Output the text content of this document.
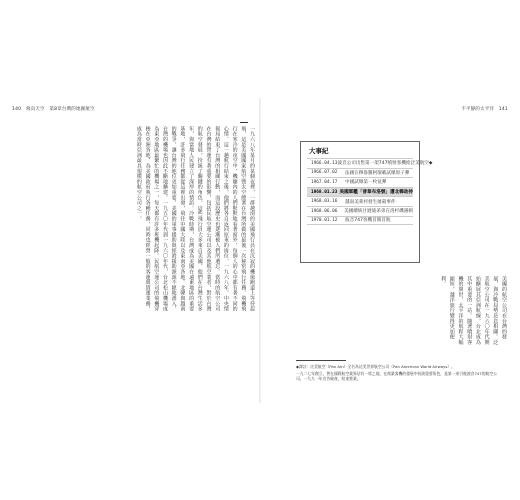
140　飛向天空　第8章台灣的地圖航空
一九六八年某月的某個夜裡，一群越南的美國飛行員在沉寂的機場跑道上等待起飛，這是美國國家航空暨太空總署在台灣所做的最後一次秘密飛行任務。飛機飛行在寒冷的夜空中，機艙內的人們默默地看著窗外，每個人的心中都有著不同的心情。這一趟航行結束之後，他們將各自返回原來的崗位。一九六八年，中央情報局結束了台灣的相關行動，而這段歷史也逐漸被人們所遺忘。當時的航空公司在台灣的營運有著重要的影響，包括民航空運公司以及其他航空業者，對於台灣的航空發展，扮演了關鍵的角色。這些飛行員大多來自美國，他們在台灣生活多年，與當地人民建立了深厚的情誼。冷戰時期，台灣成為美國在遠東地區的重要基地，許多飛行任務都從這裡出發，飛往中國大陸以及東南亞各地。北韓與越南的戰爭，讓台灣的地位更加重要，美國的軍事援助與經濟援助源源不絕地湧入，台灣的機場也因此不斷地擴建。一九五〇年代到一九六〇年代，台北松山機場成為東亞地區最繁忙的機場之一，每天都有許多班機起降。民航空運公司的飛機穿梭在亞洲各地，為美國政府執行各種任務，同時也經營一般的客運與貨運業務，成為當時亞洲最具規模的航空公司之一。
不平靜的太平洋　141
大事紀
1966.04.13 波音公司出售第一架747噴射客機給泛美航空◆
1966.07.02	法國在穆魯羅阿環礁試爆原子彈
1967.04.17	中國試爆第一枚氫彈
1968.01.23 美國軍艦「普韋布洛號」遭北韓劫持
1968.03.16	越南美萊村發生屠殺事件
1968.06.06	美國總統甘迺迪弟弟在洛杉磯遇刺
1970.01.12	波音747客機首開首航
美國的航空公司在台灣的發展，與冷戰局勢息息相關。泛美航空公司在一九六〇年代開始擴展其亞洲航線，台北成為其中重要的一站。隨著噴射客機的問世，太平洋的航程大幅縮短，越洋旅行變得更加便利。

◆譯註：泛美航空（Pan Am）全名為泛美世界航空公司（Pan American World Airways）。

一九二七年創立，曾在國際航空業界佔有一席之地，在商業客機的發展中扮演重要角色，是第一家引進波音747的航空公司。一九九一年宣告破產，結束營業。
